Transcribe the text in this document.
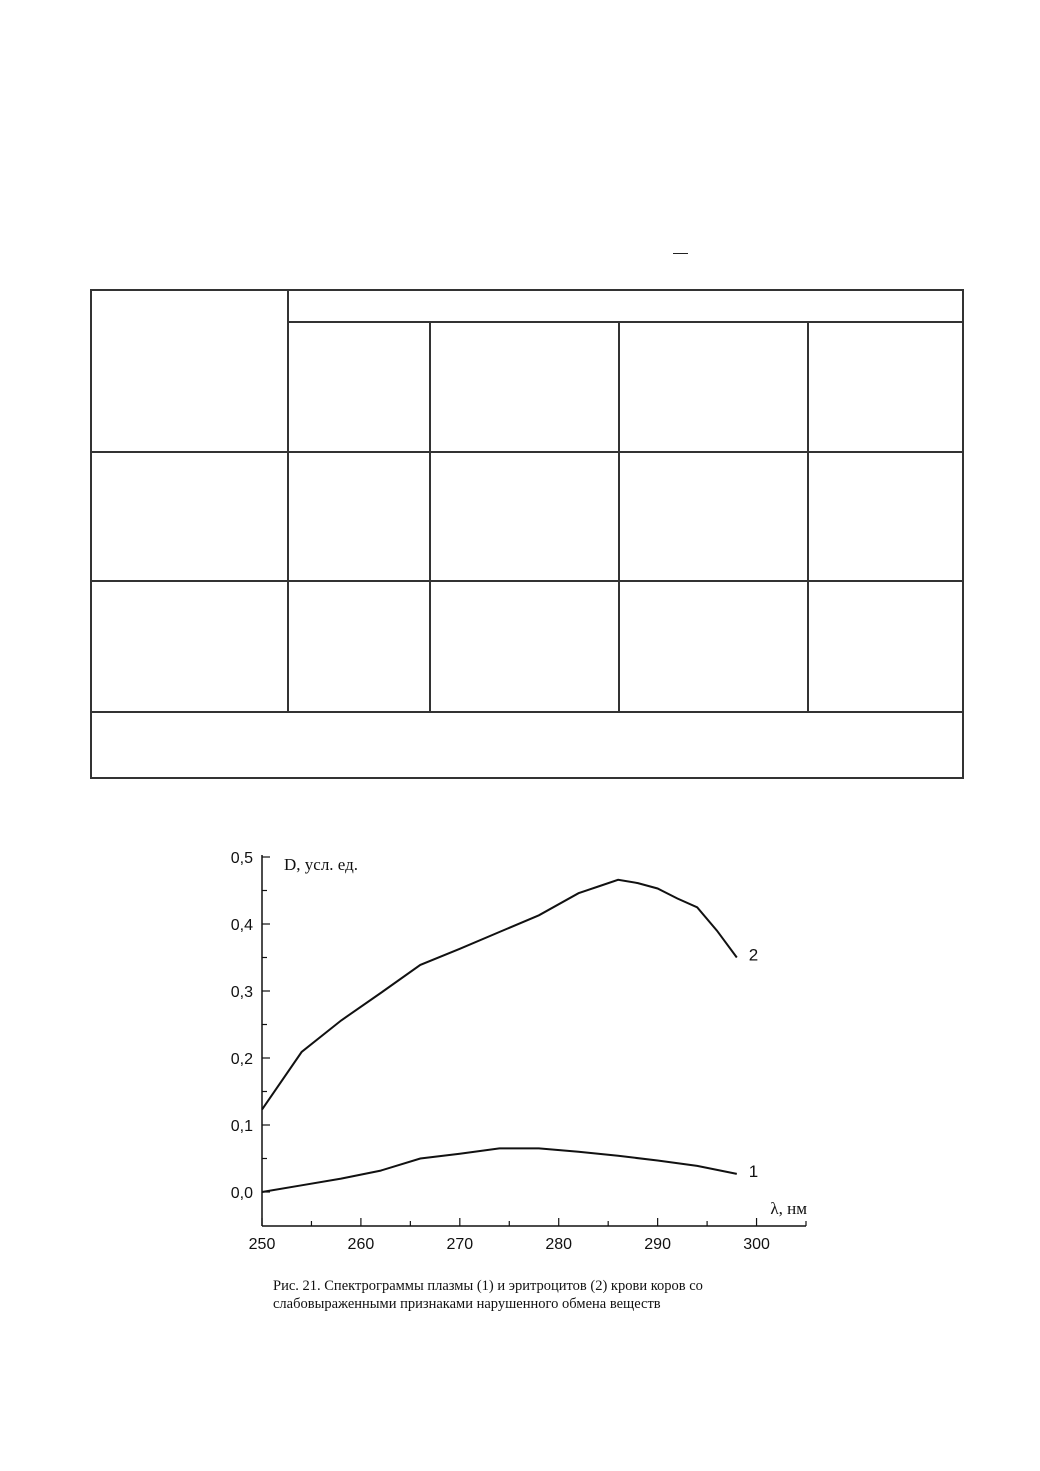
250	260	270	280	290	300
0,0
0,1
0,2
0,3
0,4
0,5 D, усл. ед.
λ, нм
1
2
Рис. 21. Спектрограммы плазмы (1) и эритроцитов (2) крови коров со слабовыраженными признаками нарушенного обмена веществ
